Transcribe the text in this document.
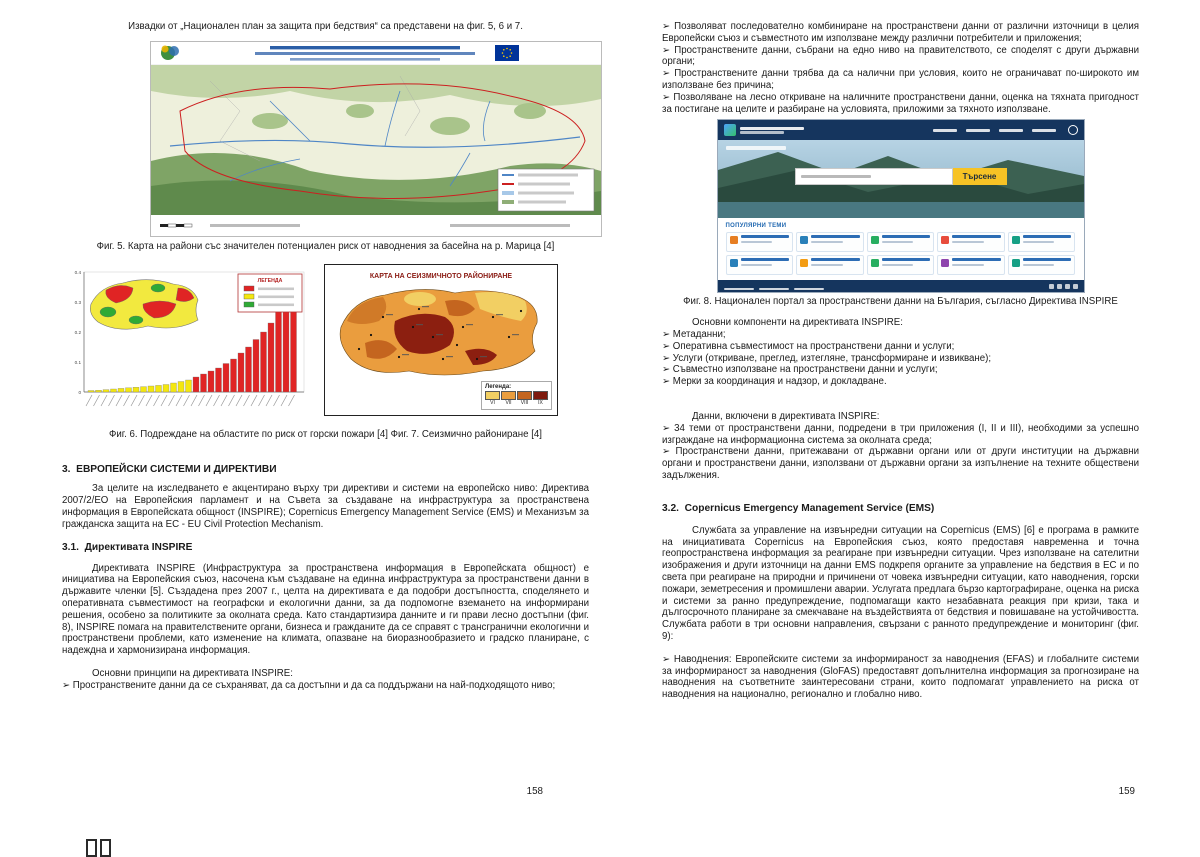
Извадки от „Национален план за защита при бедствия“ са представени на фиг. 5, 6 и 7.

Фиг. 5. Карта на райони със значителен потенциален риск от наводнения за басейна на р. Марица [4]

0.4
0.3
0.2
0.1
0
ЛЕГЕНДА
КАРТА НА СЕИЗМИЧНОТО РАЙОНИРАНЕ
Легенда:
VI VII VIII IX

Фиг. 6. Подреждане на областите по риск от горски пожари [4] Фиг. 7. Сеизмично райониране [4]

3.  ЕВРОПЕЙСКИ СИСТЕМИ И ДИРЕКТИВИ

За целите на изследването е акцентирано върху три директиви и системи на европейско ниво: Директива 2007/2/ЕО на Европейския парламент и на Съвета за създаване на инфраструктура за пространствена информация в Европейската общност (INSPIRE); Copernicus Emergency Management Service (EMS) и Механизъм за гражданска защита на ЕС - EU Civil Protection Mechanism.

3.1.  Директивата INSPIRE

Директивата INSPIRE (Инфраструктура за пространствена информация в Европейската общност) е инициатива на Европейския съюз, насочена към създаване на единна инфраструктура за пространствени данни в държавите членки [5]. Създадена през 2007 г., целта на директивата е да подобри достъпността, споделянето и оперативната съвместимост на географски и екологични данни, за да подпомогне вземането на информирани решения, особено за политиките за околната среда. Като стандартизира данните и ги прави лесно достъпни (фиг. 8), INSPIRE помага на правителствените органи, бизнеса и гражданите да се справят с трансгранични екологични и пространствени проблеми, като изменение на климата, опазване на биоразнообразието и градско планиране, с надеждна и хармонизирана информация.

Основни принципи на директивата INSPIRE:

➢ Пространствените данни да се съхраняват, да са достъпни и да са поддържани на най-подходящото ниво;

158

➢ Позволяват последователно комбиниране на пространствени данни от различни източници в целия Европейски съюз и съвместното им използване между различни потребители и приложения;

➢ Пространствените данни, събрани на едно ниво на правителството, се споделят с други държавни органи;

➢ Пространствените данни трябва да са налични при условия, които не ограничават по-широкото им използване без причина;

➢ Позволяване на лесно откриване на наличните пространствени данни, оценка на тяхната пригодност за постигане на целите и разбиране на условията, приложими за тяхното използване.

Търсене
ПОПУЛЯРНИ ТЕМИ

Фиг. 8. Национален портал за пространствени данни на България, съгласно Директива INSPIRE

Основни компоненти на директивата INSPIRE:

➢ Метаданни;

➢ Оперативна съвместимост на пространствени данни и услуги;

➢ Услуги (откриване, преглед, изтегляне, трансформиране и извикване);

➢ Съвместно използване на пространствени данни и услуги;

➢ Мерки за координация и надзор, и докладване.

Данни, включени в директивата INSPIRE:

➢ 34 теми от пространствени данни, подредени в три приложения (I, II и III), необходими за успешно изграждане на информационна система за околната среда;

➢ Пространствени данни, притежавани от държавни органи или от други институции на държавни органи и пространствени данни, използвани от държавни органи за изпълнение на техните обществени задължения.

3.2.  Copernicus Emergency Management Service (EMS)

Службата за управление на извънредни ситуации на Copernicus (EMS) [6] е програма в рамките на инициативата Copernicus на Европейския съюз, която предоставя навременна и точна геопространствена информация за реагиране при извънредни ситуации. Чрез използване на сателитни изображения и други източници на данни EMS подкрепя органите за управление на бедствия в ЕС и по света при реагиране на природни и причинени от човека извънредни ситуации, като наводнения, горски пожари, земетресения и промишлени аварии. Услугата предлага бързо картографиране, оценка на риска и системи за ранно предупреждение, подпомагащи както незабавната реакция при кризи, така и дългосрочното планиране за смекчаване на въздействията от бедствия и повишаване на устойчивостта. Службата работи в три основни направления, свързани с ранното предупреждение и мониторинг (фиг. 9):

➢ Наводнения: Европейските системи за информираност за наводнения (EFAS) и глобалните системи за информираност за наводнения (GloFAS) предоставят допълнителна информация за прогнозиране на наводнения на съответните заинтересовани страни, които подпомагат управлението на риска от наводнения на национално, регионално и глобално ниво.

159
